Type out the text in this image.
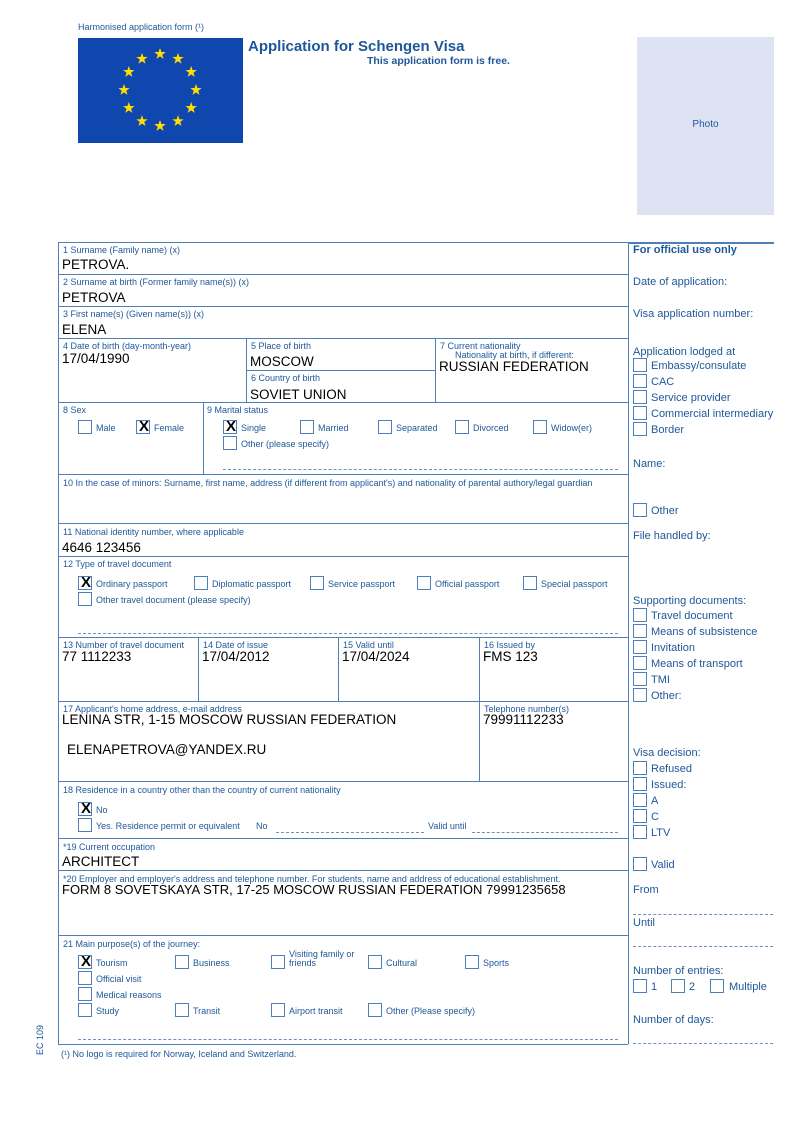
Harmonised application form (¹)
Application for Schengen Visa
This application form is free.
Photo
1 Surname (Family name) (x)
PETROVA.
2 Surname at birth (Former family name(s)) (x)
PETROVA
3 First name(s) (Given name(s)) (x)
ELENA
4 Date of birth (day-month-year)
17/04/1990
5 Place of birth
MOSCOW
6 Country of birth
SOVIET UNION
7 Current nationality
Nationality at birth, if different:
RUSSIAN FEDERATION
8 Sex
Male X Female
9 Marital status
X Single	Married	Separated	Divorced	Widow(er)
Other (please specify)
10 In the case of minors: Surname, first name, address (if different from applicant's) and nationality of parental authory/legal guardian
11 National identity number, where applicable
4646 123456
12 Type of travel document
X Ordinary passport	Diplomatic passport	Service passport	Official passport	Special passport
Other travel document (please specify)
13 Number of travel document
77 1112233
14 Date of issue
17/04/2012
15 Valid until
17/04/2024
16 Issued by
FMS 123
17 Applicant's home address, e-mail address
LENINA STR, 1-15 MOSCOW RUSSIAN FEDERATION
ELENAPETROVA@YANDEX.RU
Telephone number(s)
79991112233
18 Residence in a country other than the country of current nationality
X No
Yes. Residence permit or equivalent No	Valid until
*19 Current occupation
ARCHITECT
*20 Employer and employer's address and telephone number. For students, name and address of educational establishment.
FORM 8 SOVETSKAYA STR, 17-25 MOSCOW RUSSIAN FEDERATION 79991235658
21 Main purpose(s) of the journey:
X Tourism	Business
Visiting family or
friends	Cultural	Sports
Official visit
Medical reasons
Study	Transit	Airport transit	Other (Please specify)
For official use only
Date of application:
Visa application number:
Application lodged at
Embassy/consulate
CAC
Service provider
Commercial intermediary
Border
Name:
Other
File handled by:
Supporting documents:
Travel document
Means of subsistence
Invitation
Means of transport
TMI
Other:
Visa decision:
Refused
Issued:
A
C
LTV
Valid
From
Until
Number of entries:
1	2	Multiple
Number of days:
(¹) No logo is required for Norway, Iceland and Switzerland.
EC 109
